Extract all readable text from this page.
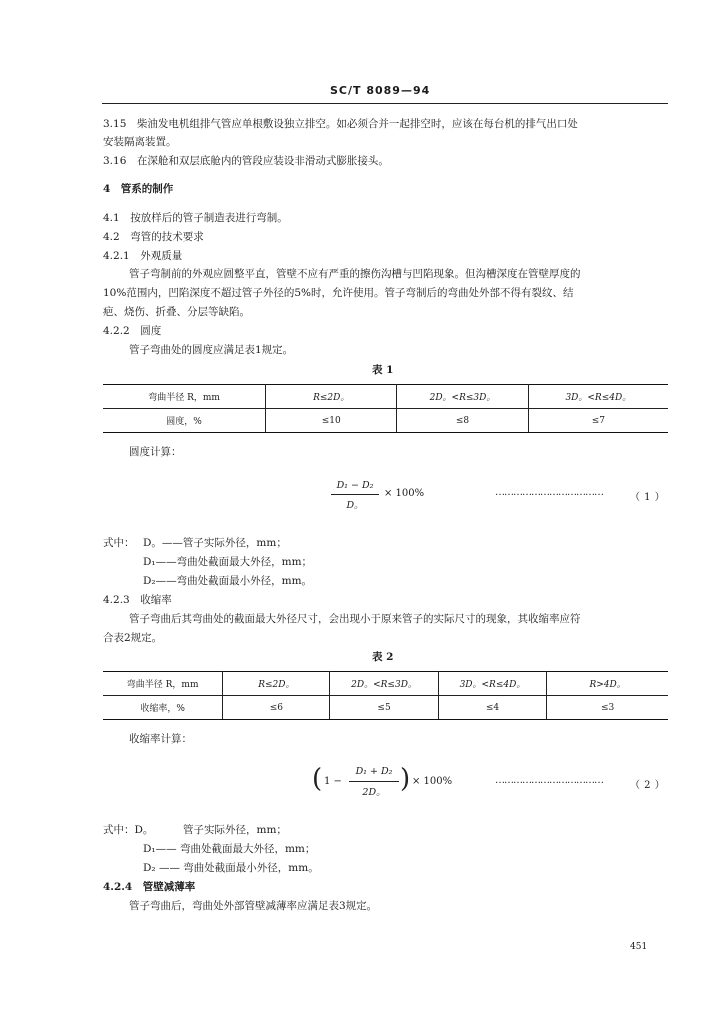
SC/T 8089—94
3.15　柴油发电机组排气管应单根敷设独立排空。如必须合并一起排空时，应该在每台机的排气出口处
安装隔离装置。
3.16　在深舱和双层底舱内的管段应装设非滑动式膨胀接头。
4　管系的制作
4.1　按放样后的管子制造表进行弯制。
4.2　弯管的技术要求
4.2.1　外观质量
管子弯制前的外观应圆整平直，管壁不应有严重的擦伤沟槽与凹陷现象。但沟槽深度在管壁厚度的
10%范围内，凹陷深度不超过管子外径的5%时，允许使用。管子弯制后的弯曲处外部不得有裂纹、结
疤、烧伤、折叠、分层等缺陷。
4.2.2　圆度
管子弯曲处的圆度应满足表1规定。
表 1
弯曲半径 R，mm	R≤2D。	2D。<R≤3D。	3D。<R≤4D。
圆度，%	≤10	≤8	≤7
圆度计算：
D₁ − D₂
D。
× 100%	………………………………	（ 1 ）
式中： D。——管子实际外径，mm；
D₁——弯曲处截面最大外径，mm；
D₂——弯曲处截面最小外径，mm。
4.2.3　收缩率
管子弯曲后其弯曲处的截面最大外径尺寸，会出现小于原来管子的实际尺寸的现象，其收缩率应符
合表2规定。
表 2
弯曲半径 R，mm	R≤2D。	2D。<R≤3D。	3D。<R≤4D。	R>4D。
收缩率，%	≤6	≤5	≤4	≤3
收缩率计算：
( 1 −
D₁ + D₂
2D。 ) × 100%	………………………………	（ 2 ）
式中：D。	管子实际外径，mm；
D₁—— 弯曲处截面最大外径，mm；
D₂ —— 弯曲处截面最小外径，mm。
4.2.4　管壁减薄率
管子弯曲后，弯曲处外部管壁减薄率应满足表3规定。
451
